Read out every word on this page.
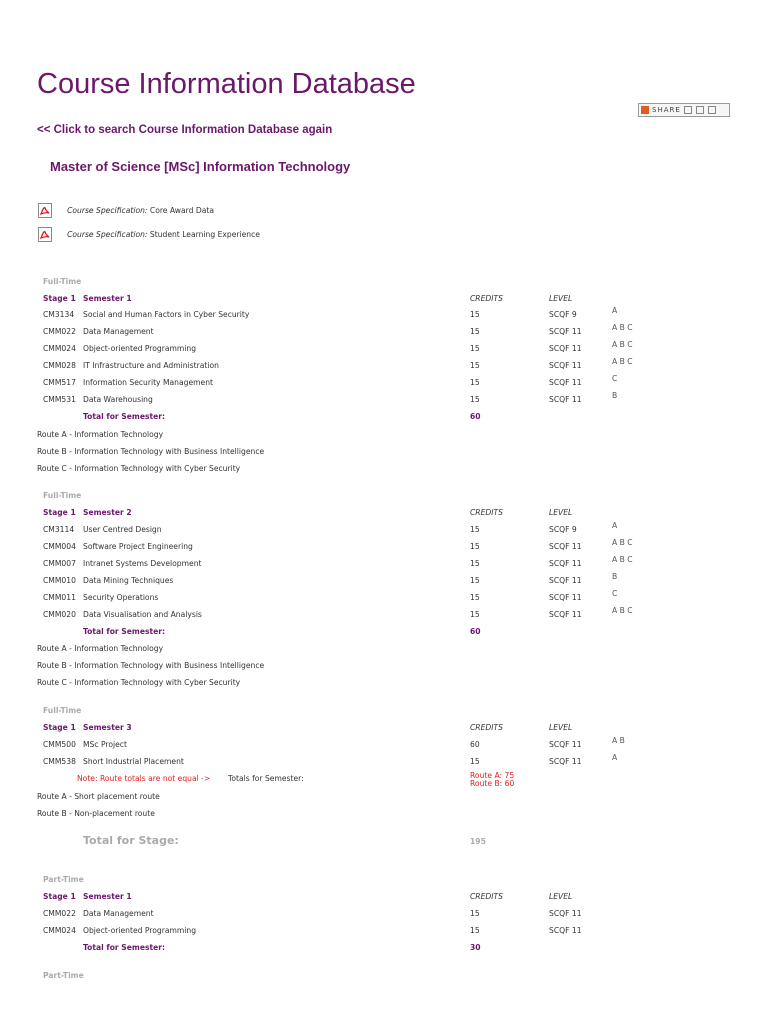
Course Information Database
SHARE
<< Click to search Course Information Database again
Master of Science [MSc] Information Technology
Course Specification: Core Award Data
Course Specification: Student Learning Experience
Full-Time
Stage 1 Semester 1	CREDITS	LEVEL
CM3134 Social and Human Factors in Cyber Security	15	SCQF 9	A
CMM022 Data Management	15	SCQF 11	A B C
CMM024 Object-oriented Programming	15	SCQF 11	A B C
CMM028 IT Infrastructure and Administration	15	SCQF 11	A B C
CMM517 Information Security Management	15	SCQF 11	C
CMM531 Data Warehousing	15	SCQF 11	B
Total for Semester:	60
Route A - Information Technology
Route B - Information Technology with Business Intelligence
Route C - Information Technology with Cyber Security
Full-Time
Stage 1 Semester 2	CREDITS	LEVEL
CM3114 User Centred Design	15	SCQF 9	A
CMM004 Software Project Engineering	15	SCQF 11	A B C
CMM007 Intranet Systems Development	15	SCQF 11	A B C
CMM010 Data Mining Techniques	15	SCQF 11	B
CMM011 Security Operations	15	SCQF 11	C
CMM020 Data Visualisation and Analysis	15	SCQF 11	A B C
Total for Semester:	60
Route A - Information Technology
Route B - Information Technology with Business Intelligence
Route C - Information Technology with Cyber Security
Full-Time
Stage 1 Semester 3	CREDITS	LEVEL
CMM500 MSc Project	60	SCQF 11	A B
CMM538 Short Industrial Placement	15	SCQF 11	A
Note: Route totals are not equal -> Totals for Semester:	Route A: 75
Route B: 60
Route A - Short placement route
Route B - Non-placement route
Total for Stage:	195
Part-Time
Stage 1 Semester 1	CREDITS	LEVEL
CMM022 Data Management	15	SCQF 11
CMM024 Object-oriented Programming	15	SCQF 11
Total for Semester:	30
Part-Time
